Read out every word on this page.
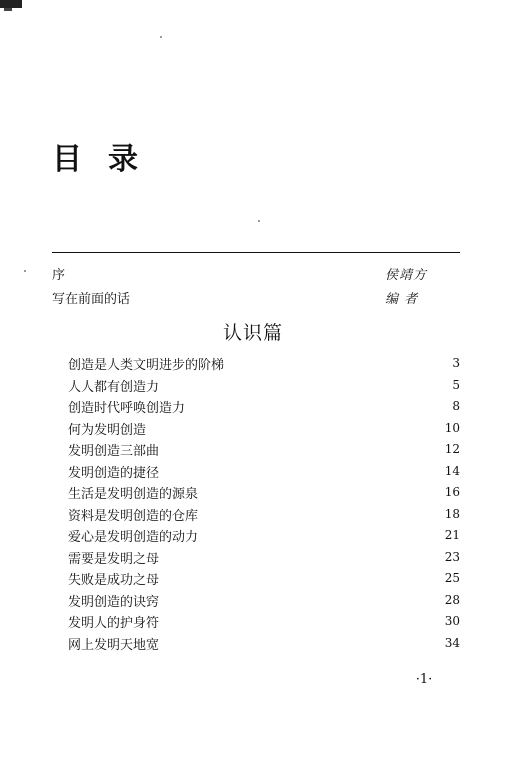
目录
序	侯靖方
写在前面的话	编 者
认识篇
创造是人类文明进步的阶梯	3
人人都有创造力	5
创造时代呼唤创造力	8
何为发明创造	10
发明创造三部曲	12
发明创造的捷径	14
生活是发明创造的源泉	16
资料是发明创造的仓库	18
爱心是发明创造的动力	21
需要是发明之母	23
失败是成功之母	25
发明创造的诀窍	28
发明人的护身符	30
网上发明天地宽	34
·1·
